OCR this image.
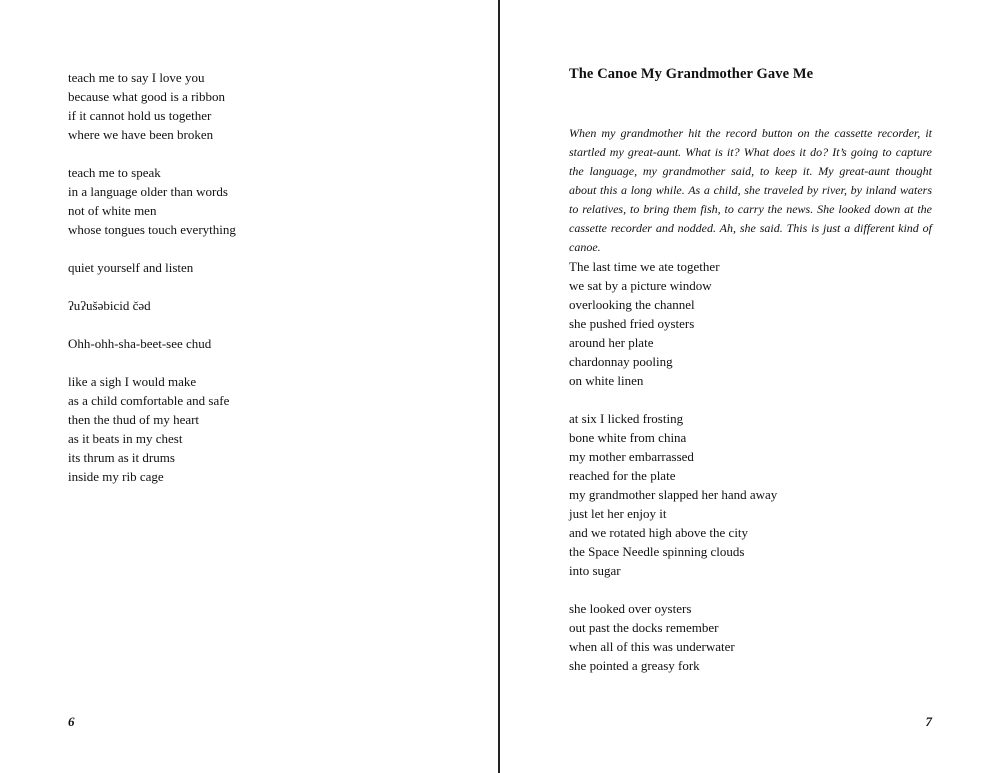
teach me to say I love you
because what good is a ribbon
if it cannot hold us together
where we have been broken
teach me to speak
in a language older than words
not of white men
whose tongues touch everything
quiet yourself and listen
ʔuʔušəbicid čəd
Ohh-ohh-sha-beet-see chud
like a sigh I would make
as a child comfortable and safe
then the thud of my heart
as it beats in my chest
its thrum as it drums
inside my rib cage
6
The Canoe My Grandmother Gave Me
When my grandmother hit the record button on the cassette recorder, it startled my great-aunt. What is it? What does it do? It’s going to capture the language, my grandmother said, to keep it. My great-aunt thought about this a long while. As a child, she traveled by river, by inland waters to relatives, to bring them fish, to carry the news. She looked down at the cassette recorder and nodded. Ah, she said. This is just a different kind of canoe.
The last time we ate together
we sat by a picture window
overlooking the channel
she pushed fried oysters
around her plate
chardonnay pooling
on white linen
at six I licked frosting
bone white from china
my mother embarrassed
reached for the plate
my grandmother slapped her hand away
just let her enjoy it
and we rotated high above the city
the Space Needle spinning clouds
into sugar
she looked over oysters
out past the docks remember
when all of this was underwater
she pointed a greasy fork
7
